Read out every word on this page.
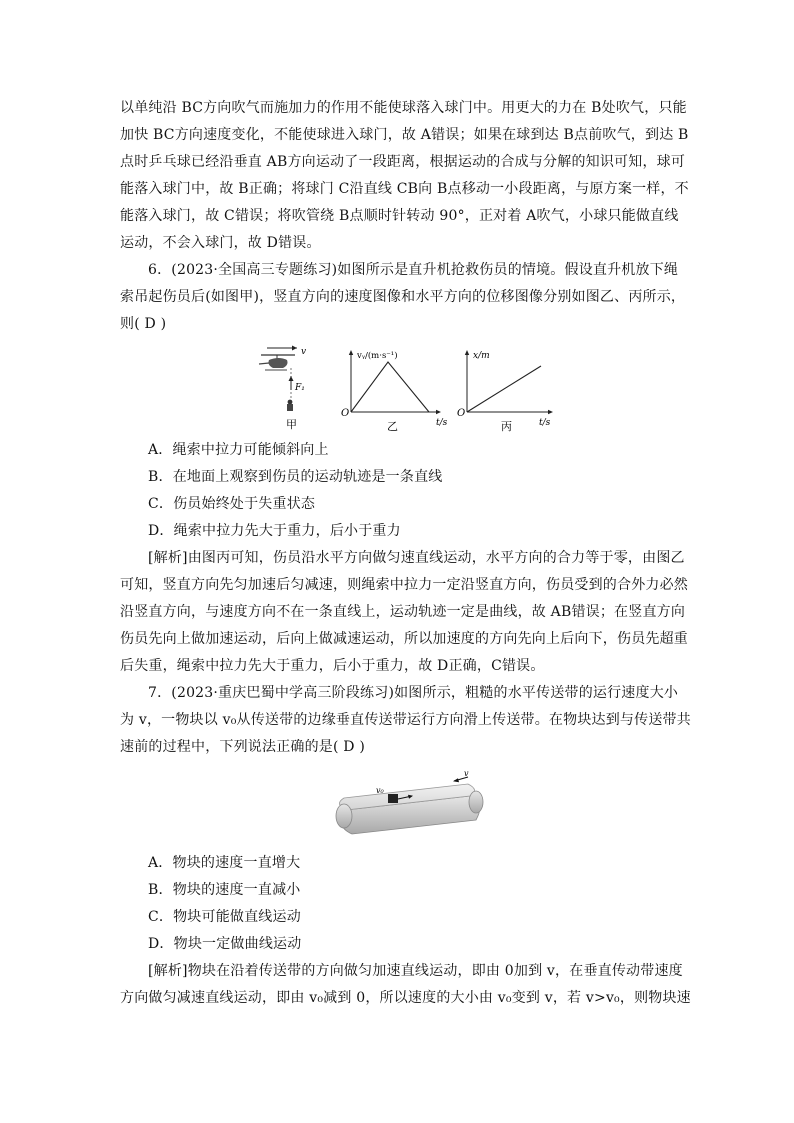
以单纯沿 BC方向吹气而施加力的作用不能使球落入球门中。用更大的力在 B处吹气，只能
加快 BC方向速度变化，不能使球进入球门，故 A错误；如果在球到达 B点前吹气，到达 B
点时乒乓球已经沿垂直 AB方向运动了一段距离，根据运动的合成与分解的知识可知，球可
能落入球门中，故 B正确；将球门 C沿直线 CB向 B点移动一小段距离，与原方案一样，不
能落入球门，故 C错误；将吹管绕 B点顺时针转动 90°，正对着 A吹气，小球只能做直线
运动，不会入球门，故 D错误。
6．(2023·全国高三专题练习)如图所示是直升机抢救伤员的情境。假设直升机放下绳
索吊起伤员后(如图甲)，竖直方向的速度图像和水平方向的位移图像分别如图乙、丙所示，
则( D )
v
F₁
甲
vᵧ/(m·s⁻¹)
O
t/s
乙
x/m
O
t/s
丙
A．绳索中拉力可能倾斜向上
B．在地面上观察到伤员的运动轨迹是一条直线
C．伤员始终处于失重状态
D．绳索中拉力先大于重力，后小于重力
[解析]由图丙可知，伤员沿水平方向做匀速直线运动，水平方向的合力等于零，由图乙
可知，竖直方向先匀加速后匀减速，则绳索中拉力一定沿竖直方向，伤员受到的合外力必然
沿竖直方向，与速度方向不在一条直线上，运动轨迹一定是曲线，故 AB错误；在竖直方向
伤员先向上做加速运动，后向上做减速运动，所以加速度的方向先向上后向下，伤员先超重
后失重，绳索中拉力先大于重力，后小于重力，故 D正确，C错误。
7．(2023·重庆巴蜀中学高三阶段练习)如图所示，粗糙的水平传送带的运行速度大小
为 v，一物块以 v₀从传送带的边缘垂直传送带运行方向滑上传送带。在物块达到与传送带共
速前的过程中，下列说法正确的是( D )
v₀
v
A．物块的速度一直增大
B．物块的速度一直减小
C．物块可能做直线运动
D．物块一定做曲线运动
[解析]物块在沿着传送带的方向做匀加速直线运动，即由 0加到 v，在垂直传动带速度
方向做匀减速直线运动，即由 v₀减到 0，所以速度的大小由 v₀变到 v，若 v>v₀，则物块速
